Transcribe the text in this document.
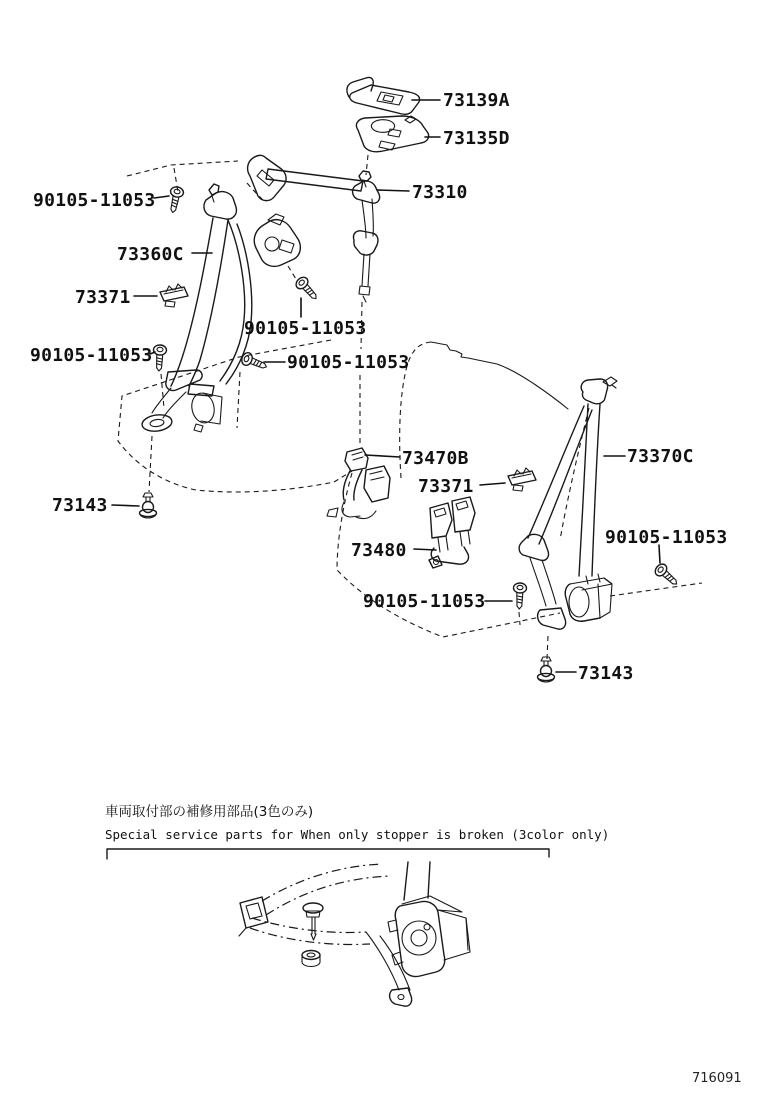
73139A
73135D
73310
90105-11053
73360C
73371
90105-11053
90105-11053	90105-11053
73143
73470B
73371
73370C
90105-11053
73480
90105-11053
73143
車両取付部の補修用部品(3色のみ)
Special service parts for When only stopper is broken (3color only)
716091
